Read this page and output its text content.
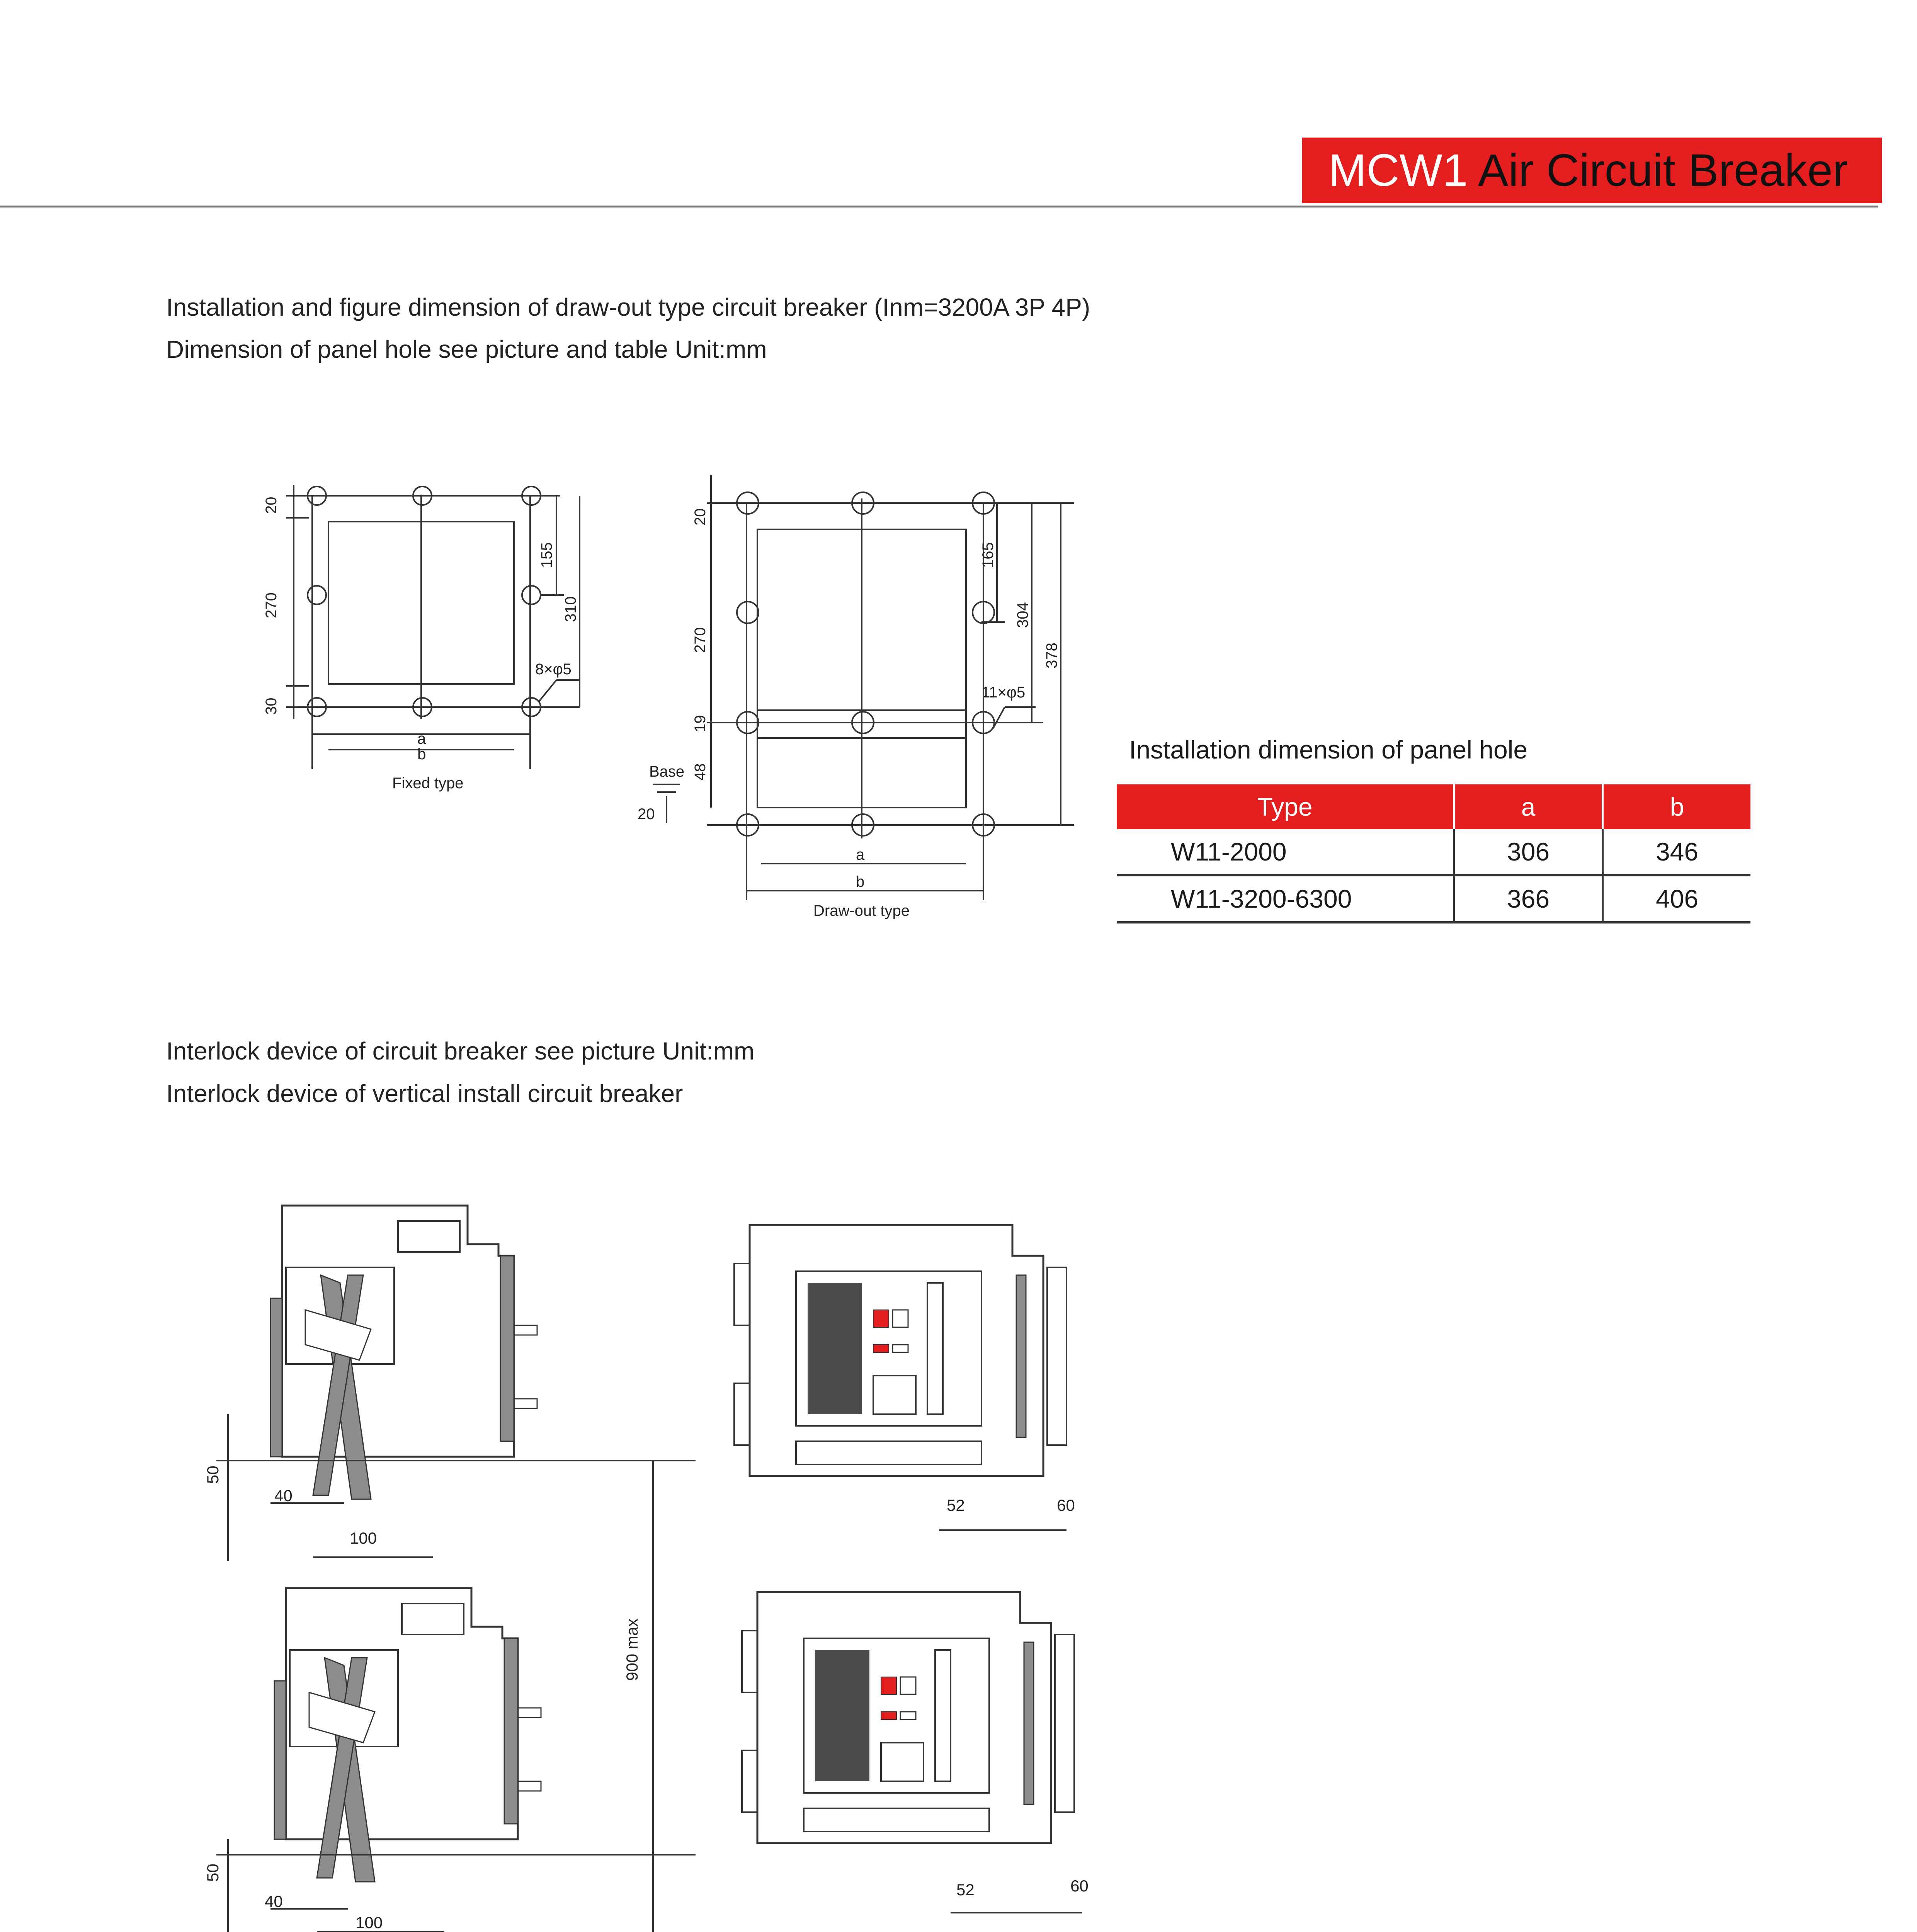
MCW1 Air Circuit Breaker
Installation and figure dimension of draw-out type circuit breaker (Inm=3200A 3P 4P)
Dimension of panel hole see picture and table Unit:mm
20
270
30
155
310
8×φ5
a
b
Fixed type
20
270
19
48
165
304
378
11×φ5
a
b
Draw-out type
Base
20
Installation dimension of panel hole
Type	a	b
W11-2000	306	346
W11-3200-6300	366	406
Interlock device of circuit breaker see picture Unit:mm
Interlock device of vertical install circuit breaker
50
40
100
900 max
50
40
100
52	60
52	60
